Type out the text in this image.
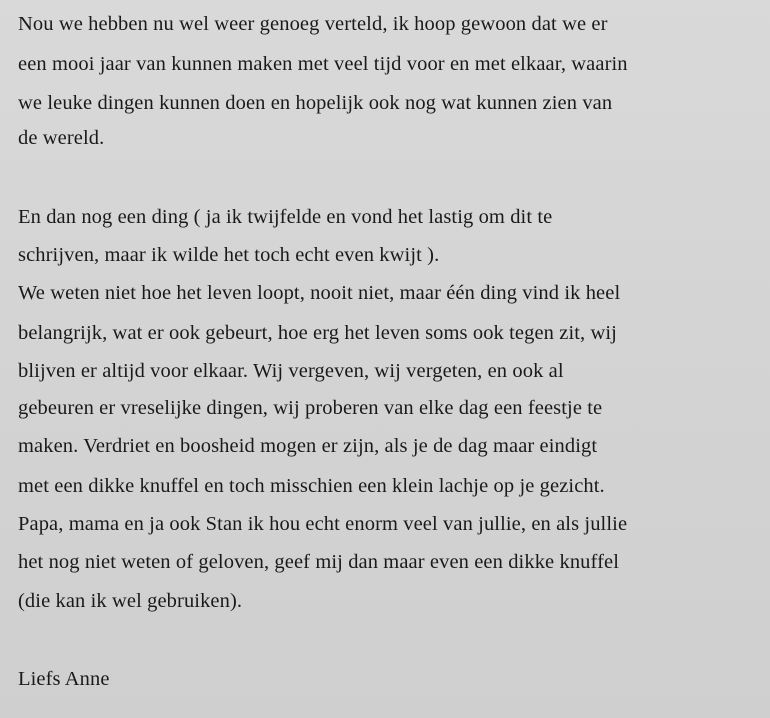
Nou we hebben nu wel weer genoeg verteld, ik hoop gewoon dat we er
een mooi jaar van kunnen maken met veel tijd voor en met elkaar, waarin
we leuke dingen kunnen doen en hopelijk ook nog wat kunnen zien van
de wereld.
En dan nog een ding ( ja ik twijfelde en vond het lastig om dit te
schrijven, maar ik wilde het toch echt even kwijt ).
We weten niet hoe het leven loopt, nooit niet, maar één ding vind ik heel
belangrijk, wat er ook gebeurt, hoe erg het leven soms ook tegen zit, wij
blijven er altijd voor elkaar. Wij vergeven, wij vergeten, en ook al
gebeuren er vreselijke dingen, wij proberen van elke dag een feestje te
maken. Verdriet en boosheid mogen er zijn, als je de dag maar eindigt
met een dikke knuffel en toch misschien een klein lachje op je gezicht.
Papa, mama en ja ook Stan ik hou echt enorm veel van jullie, en als jullie
het nog niet weten of geloven, geef mij dan maar even een dikke knuffel
(die kan ik wel gebruiken).
Liefs Anne
